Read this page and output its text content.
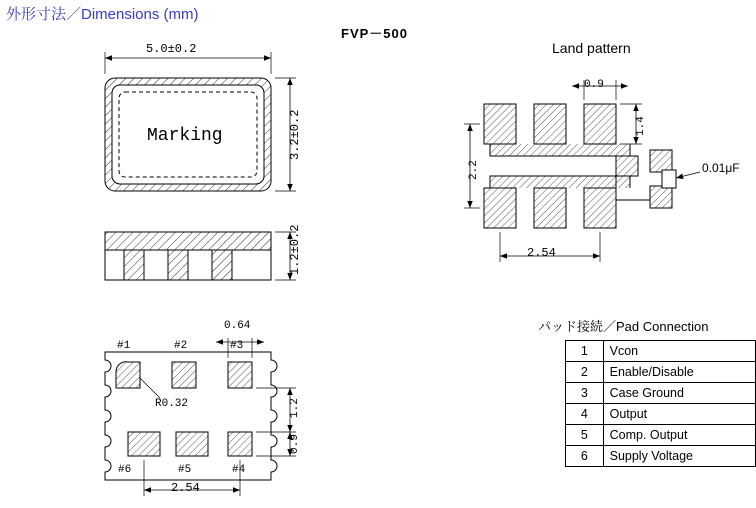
外形寸法／Dimensions (mm)
FVP－500
Marking
5.0±0.2
3.2±0.2
1.2±0.2
0.64
R0.32	1.2
0.9
2.54
#1	#2	#3
#6	#5	#4
Land pattern
0.9
1.4
2.2
2.54
0.01μF
パッド接続／Pad Connection
1	Vcon
2	Enable/Disable
3	Case Ground
4	Output
5	Comp. Output
6	Supply Voltage
